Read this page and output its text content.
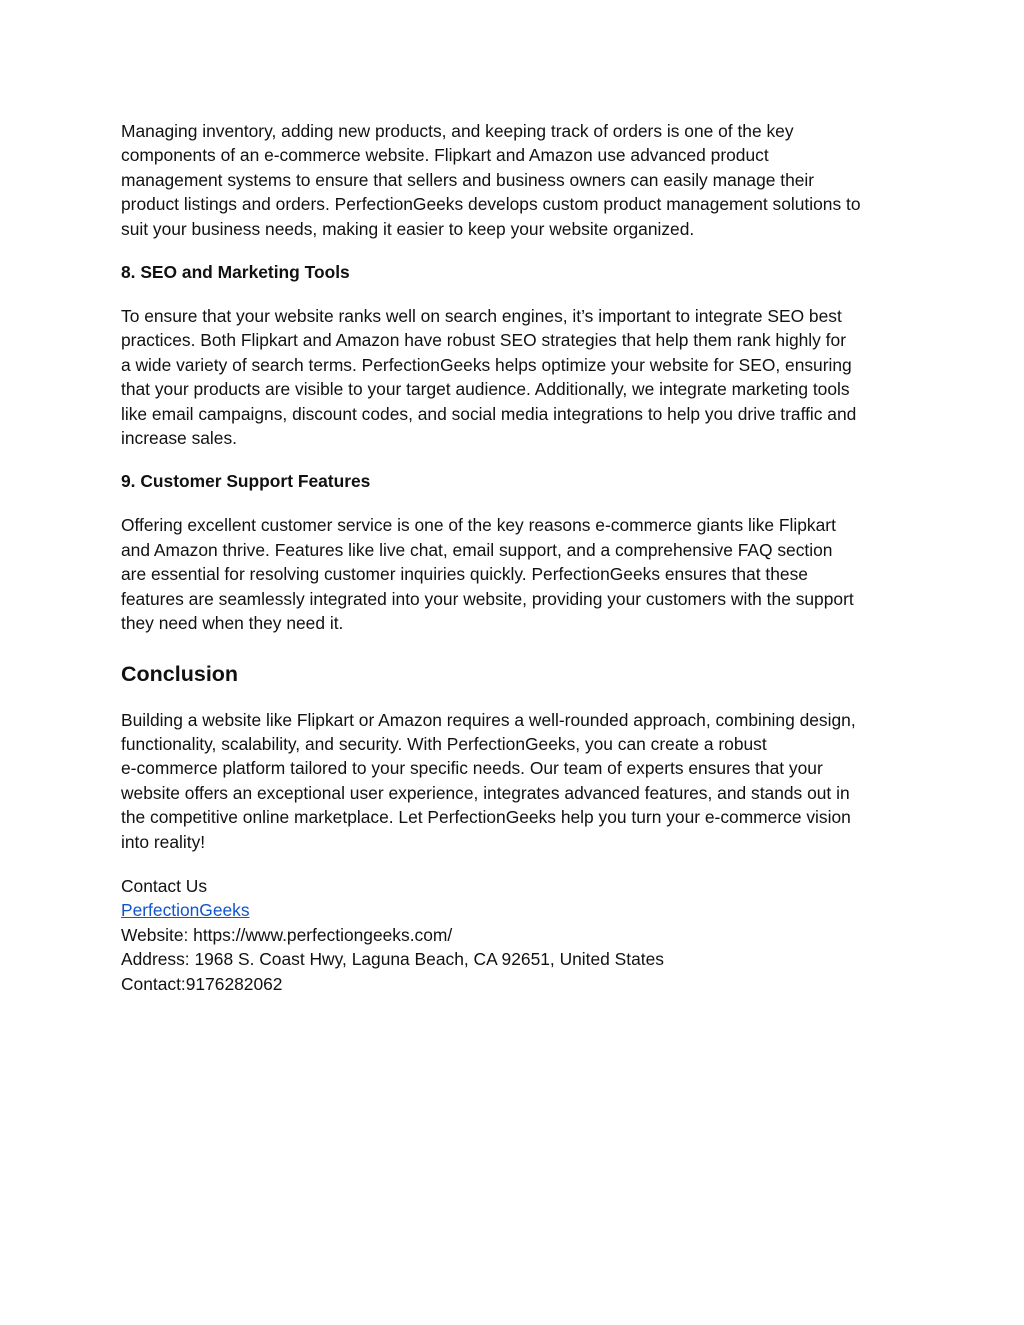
Managing inventory, adding new products, and keeping track of orders is one of the key
components of an e-commerce website. Flipkart and Amazon use advanced product
management systems to ensure that sellers and business owners can easily manage their
product listings and orders. PerfectionGeeks develops custom product management solutions to
suit your business needs, making it easier to keep your website organized.

8. SEO and Marketing Tools

To ensure that your website ranks well on search engines, it’s important to integrate SEO best
practices. Both Flipkart and Amazon have robust SEO strategies that help them rank highly for
a wide variety of search terms. PerfectionGeeks helps optimize your website for SEO, ensuring
that your products are visible to your target audience. Additionally, we integrate marketing tools
like email campaigns, discount codes, and social media integrations to help you drive traffic and
increase sales.

9. Customer Support Features

Offering excellent customer service is one of the key reasons e-commerce giants like Flipkart
and Amazon thrive. Features like live chat, email support, and a comprehensive FAQ section
are essential for resolving customer inquiries quickly. PerfectionGeeks ensures that these
features are seamlessly integrated into your website, providing your customers with the support
they need when they need it.

Conclusion

Building a website like Flipkart or Amazon requires a well-rounded approach, combining design,
functionality, scalability, and security. With PerfectionGeeks, you can create a robust
e-commerce platform tailored to your specific needs. Our team of experts ensures that your
website offers an exceptional user experience, integrates advanced features, and stands out in
the competitive online marketplace. Let PerfectionGeeks help you turn your e-commerce vision
into reality!

Contact Us
PerfectionGeeks
Website: https://www.perfectiongeeks.com/
Address: 1968 S. Coast Hwy, Laguna Beach, CA 92651, United States
Contact:9176282062
